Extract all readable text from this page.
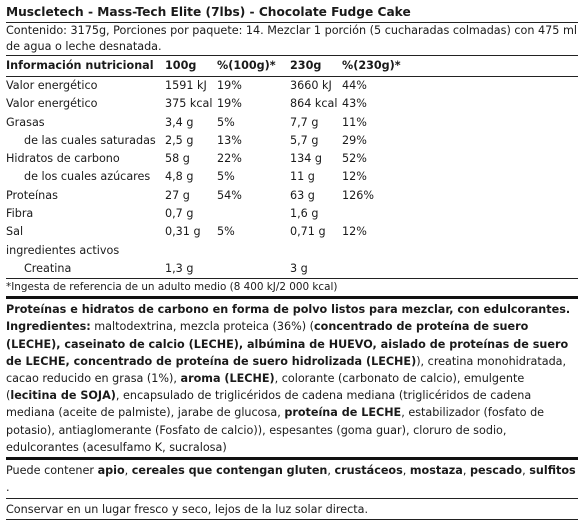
Muscletech - Mass-Tech Elite (7lbs) - Chocolate Fudge Cake
Contenido: 3175g, Porciones por paquete: 14. Mezclar 1 porción (5 cucharadas colmadas) con 475 ml de agua o leche desnatada.
Información nutricional 100g %(100g)* 230g %(230g)*
Valor energético	1591 kJ 19%	3660 kJ 44%
Valor energético	375 kcal 19%	864 kcal 43%
Grasas	3,4 g 5%	7,7 g 11%
de las cuales saturadas 2,5 g 13%	5,7 g 29%
Hidratos de carbono	58 g 22%	134 g 52%
de los cuales azúcares 4,8 g 5%	11 g 12%
Proteínas	27 g 54%	63 g 126%
Fibra	0,7 g	1,6 g
Sal	0,31 g 5%	0,71 g 12%
ingredientes activos
Creatina	1,3 g	3 g
*Ingesta de referencia de un adulto medio (8 400 kJ/2 000 kcal)
Proteínas e hidratos de carbono en forma de polvo listos para mezclar, con edulcorantes.
Ingredientes: maltodextrina, mezcla proteica (36%) (concentrado de proteína de suero (LECHE), caseinato de calcio (LECHE), albúmina de HUEVO, aislado de proteínas de suero de LECHE, concentrado de proteína de suero hidrolizada (LECHE)), creatina monohidratada, cacao reducido en grasa (1%), aroma (LECHE), colorante (carbonato de calcio), emulgente (lecitina de SOJA), encapsulado de triglicéridos de cadena mediana (triglicéridos de cadena mediana (aceite de palmiste), jarabe de glucosa, proteína de LECHE, estabilizador (fosfato de potasio), antiaglomerante (Fosfato de calcio)), espesantes (goma guar), cloruro de sodio, edulcorantes (acesulfamo K, sucralosa)
Puede contener apio, cereales que contengan gluten, crustáceos, mostaza, pescado, sulfitos .
Conservar en un lugar fresco y seco, lejos de la luz solar directa.
